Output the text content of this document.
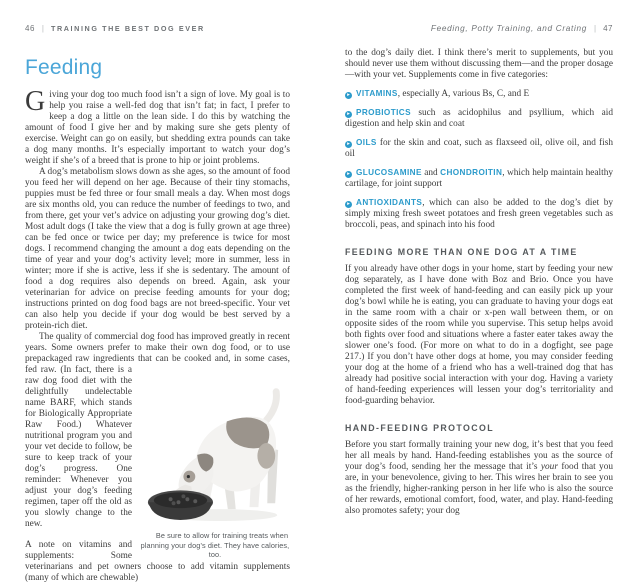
46 | TRAINING THE BEST DOG EVER
Feeding

Giving your dog too much food isn’t a sign of love. My goal is to help you raise a well-fed dog that isn’t fat; in fact, I prefer to keep a dog a little on the lean side. I do this by watching the amount of food I give her and by making sure she gets plenty of exercise. Weight can go on easily, but shedding extra pounds can take a dog many months. It’s especially important to watch your dog’s weight if she’s of a breed that is prone to hip or joint problems.

A dog’s metabolism slows down as she ages, so the amount of food you feed her will depend on her age. Because of their tiny stomachs, puppies must be fed three or four small meals a day. When most dogs are six months old, you can reduce the number of feedings to two, and from there, get your vet’s advice on adjusting your growing dog’s diet. Most adult dogs (I take the view that a dog is fully grown at age three) can be fed once or twice per day; my preference is twice for most dogs. I recommend changing the amount a dog eats depending on the time of year and your dog’s activity level; more in summer, less in winter; more if she is active, less if she is sedentary. The amount of food a dog requires also depends on breed. Again, ask your veterinarian for advice on precise feeding amounts for your dog; instructions printed on dog food bags are not breed-specific. Your vet can also help you decide if your dog would be best served by a protein-rich diet.

The quality of commercial dog food has improved greatly in recent years. Some owners prefer to make their own dog food, or to use prepackaged raw ingredients that can be cooked and, in some cases, fed raw.
Be sure to allow for training treats when planning your dog’s diet. They have calories, too.
(In fact, there is a raw dog food diet with the delightfully undelectable name BARF, which stands for Biologically Appropriate Raw Food.) Whatever nutritional program you and your vet decide to follow, be sure to keep track of your dog’s progress. One reminder: Whenever you adjust your dog’s feeding regimen, taper off the old as you slowly change to the new.

A note on vitamins and supplements: Some veterinarians and pet owners choose to add vitamin supplements (many of which are chewable)

Feeding, Potty Training, and Crating | 47

to the dog’s daily diet. I think there’s merit to supplements, but you should never use them without discussing them—and the proper dosage—with your vet. Supplements come in five categories:

▸ VITAMINS, especially A, various Bs, C, and E

▸ PROBIOTICS such as acidophilus and psyllium, which aid digestion and help skin and coat

▸ OILS for the skin and coat, such as flaxseed oil, olive oil, and fish oil

▸ GLUCOSAMINE and CHONDROITIN, which help maintain healthy cartilage, for joint support

▸ ANTIOXIDANTS, which can also be added to the dog’s diet by simply mixing fresh sweet potatoes and fresh green vegetables such as broccoli, peas, and spinach into his food

FEEDING MORE THAN ONE DOG AT A TIME

If you already have other dogs in your home, start by feeding your new dog separately, as I have done with Boz and Brio. Once you have completed the first week of hand-feeding and can easily pick up your dog’s bowl while he is eating, you can graduate to having your dogs eat in the same room with a chair or x-pen wall between them, or on opposite sides of the room while you supervise. This setup helps avoid both fights over food and situations where a faster eater takes away the slower one’s food. (For more on what to do in a dogfight, see page 217.) If you don’t have other dogs at home, you may consider feeding your dog at the home of a friend who has a well-trained dog that has already had positive social interaction with your dog. Having a variety of hand-feeding experiences will lessen your dog’s territoriality and food-guarding behavior.

HAND-FEEDING PROTOCOL

Before you start formally training your new dog, it’s best that you feed her all meals by hand. Hand-feeding establishes you as the source of your dog’s food, sending her the message that it’s your food that you are, in your benevolence, giving to her. This wires her brain to see you as the friendly, higher-ranking person in her life who is also the source of her rewards, emotional comfort, food, water, and play. Hand-feeding also promotes safety; your dog
